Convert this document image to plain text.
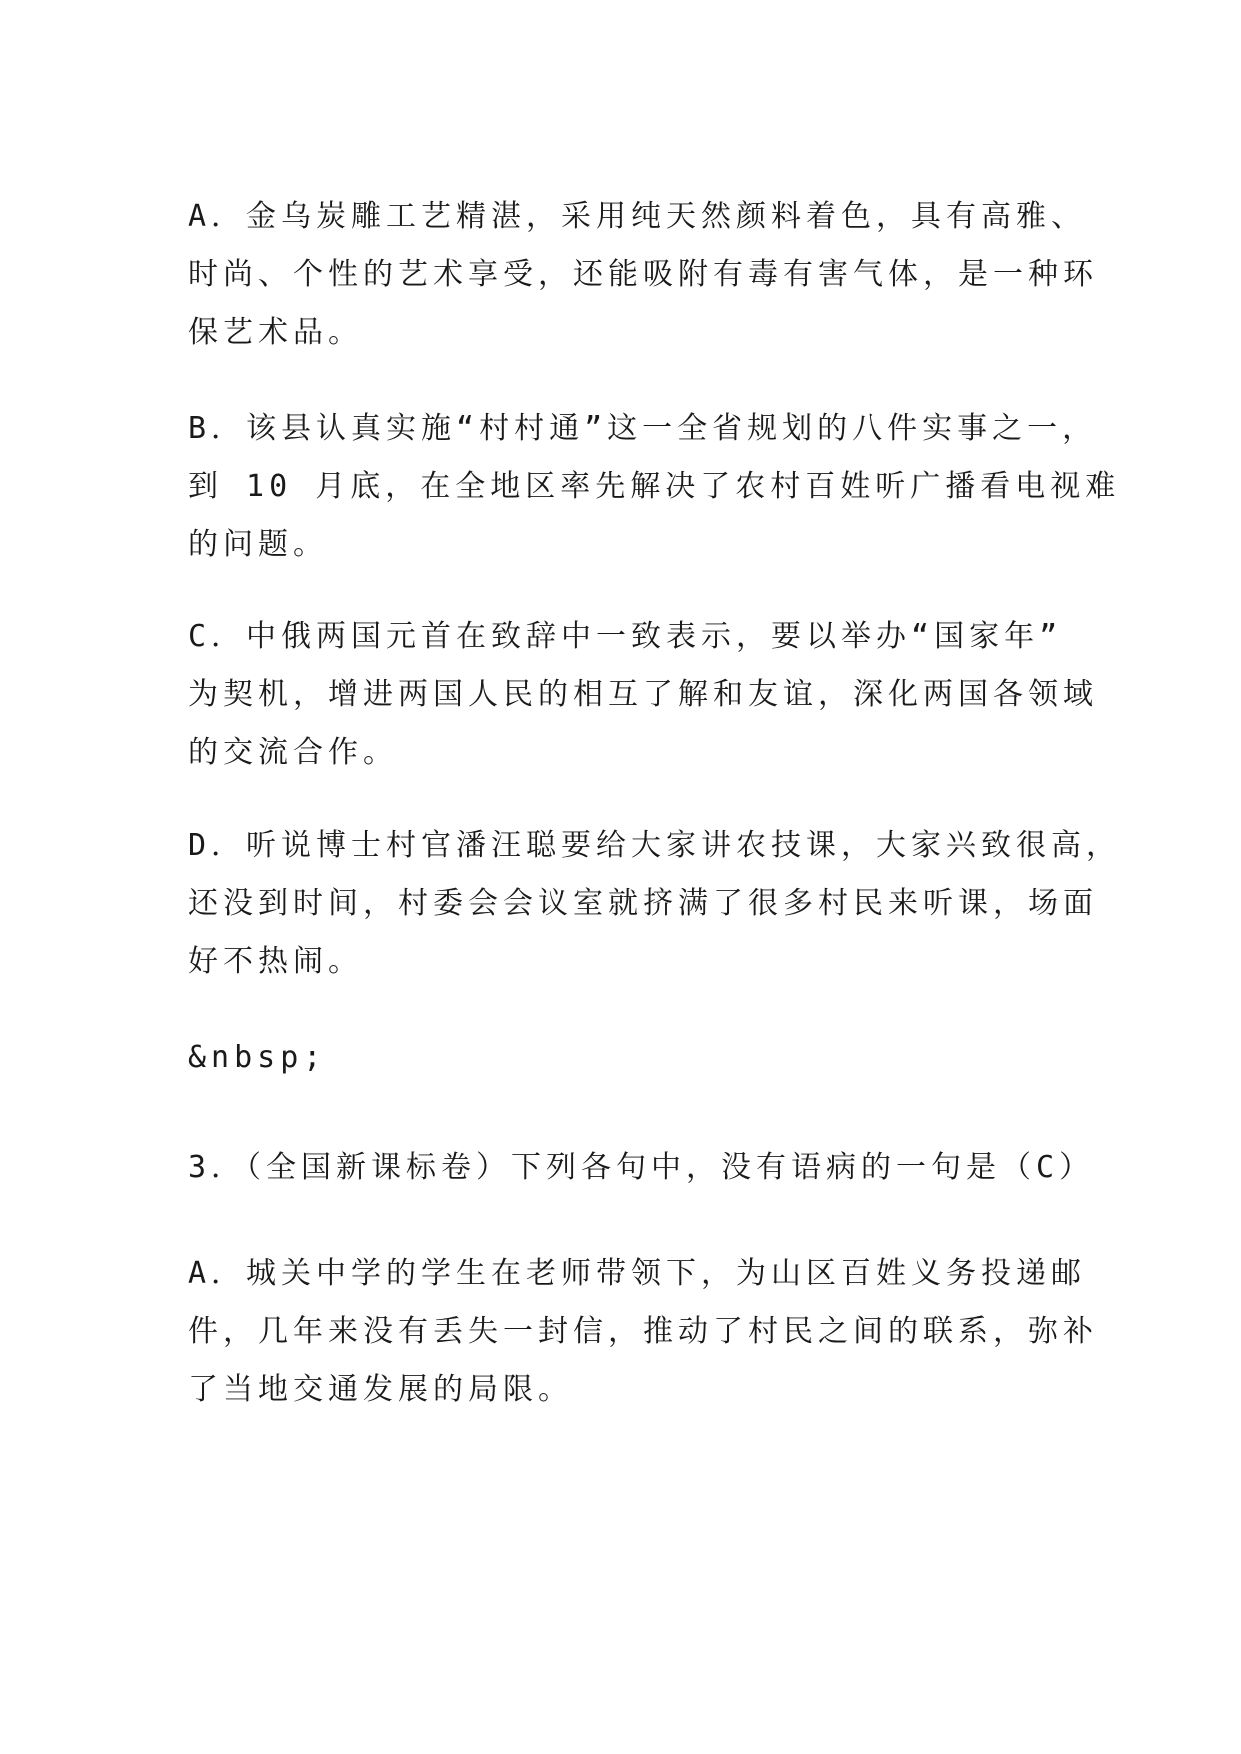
A．金乌炭雕工艺精湛，采用纯天然颜料着色，具有高雅、
时尚、个性的艺术享受，还能吸附有毒有害气体，是一种环
保艺术品。

B．该县认真实施“村村通”这一全省规划的八件实事之一，
到 10 月底，在全地区率先解决了农村百姓听广播看电视难
的问题。

C．中俄两国元首在致辞中一致表示，要以举办“国家年”
为契机，增进两国人民的相互了解和友谊，深化两国各领域
的交流合作。

D．听说博士村官潘汪聪要给大家讲农技课，大家兴致很高，
还没到时间，村委会会议室就挤满了很多村民来听课，场面
好不热闹。

&nbsp;

3．（全国新课标卷）下列各句中，没有语病的一句是（C）

A．城关中学的学生在老师带领下，为山区百姓义务投递邮
件，几年来没有丢失一封信，推动了村民之间的联系，弥补
了当地交通发展的局限。
